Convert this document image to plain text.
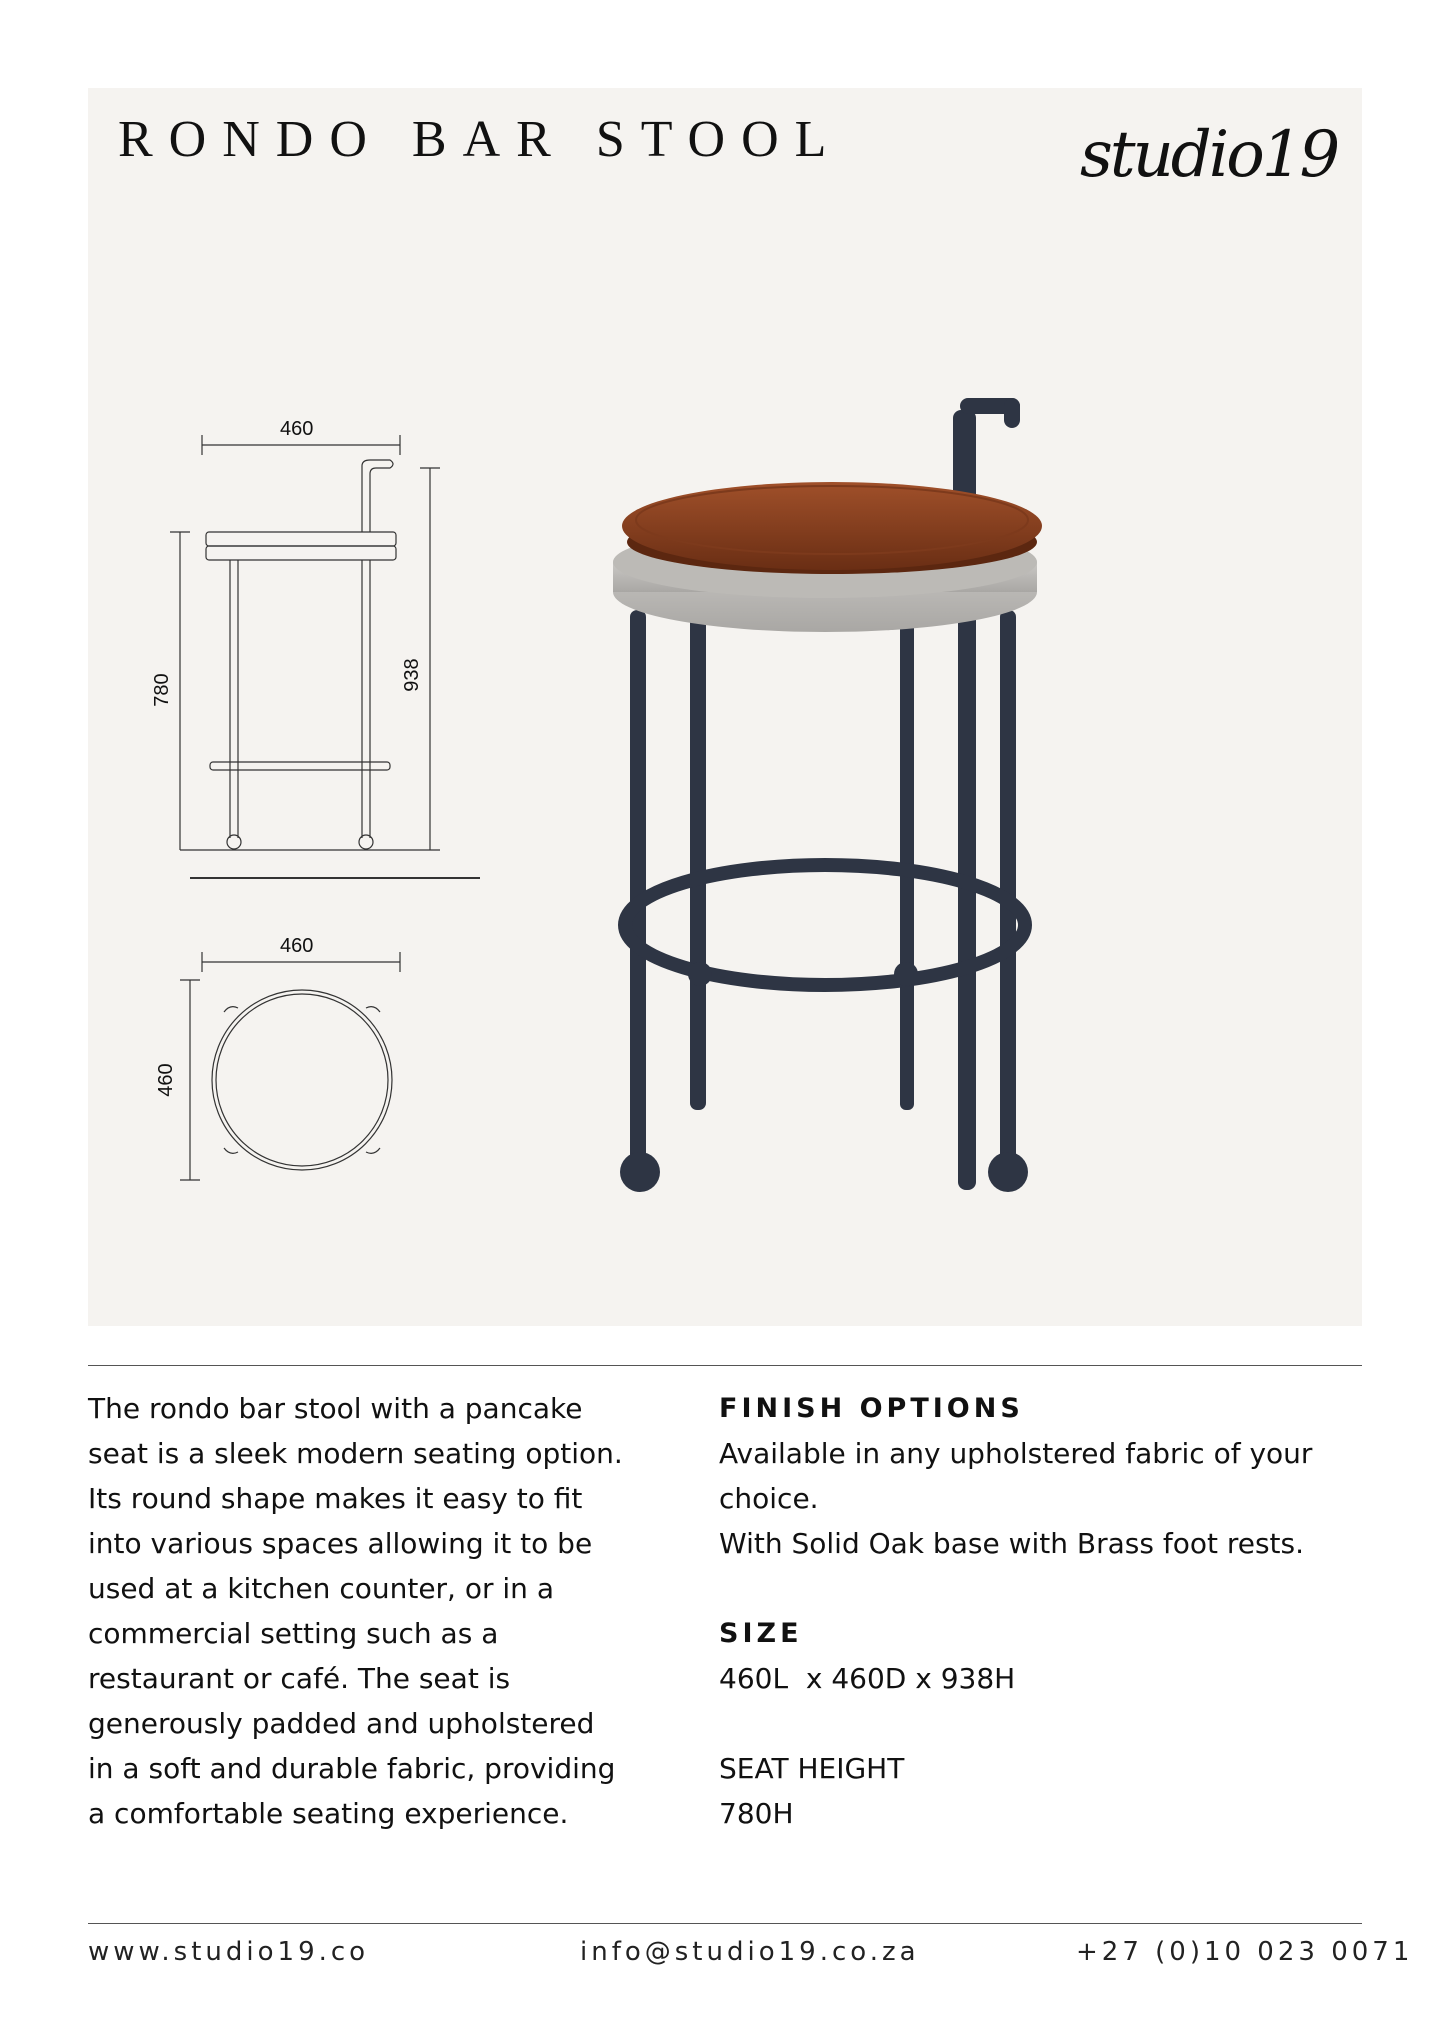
RONDO BAR STOOL	studio19
460
938
780
460
460

The rondo bar stool with a pancake seat is a sleek modern seating option. Its round shape makes it easy to fit into various spaces allowing it to be used at a kitchen counter, or in a commercial setting such as a restaurant or café. The seat is generously padded and upholstered in a soft and durable fabric, providing a comfortable seating experience.

FINISH OPTIONS

Available in any upholstered fabric of your choice.

With Solid Oak base with Brass foot rests.

SIZE

460L  x 460D x 938H

SEAT HEIGHT

780H

www.studio19.co	info@studio19.co.za	+27 (0)10 023 0071
